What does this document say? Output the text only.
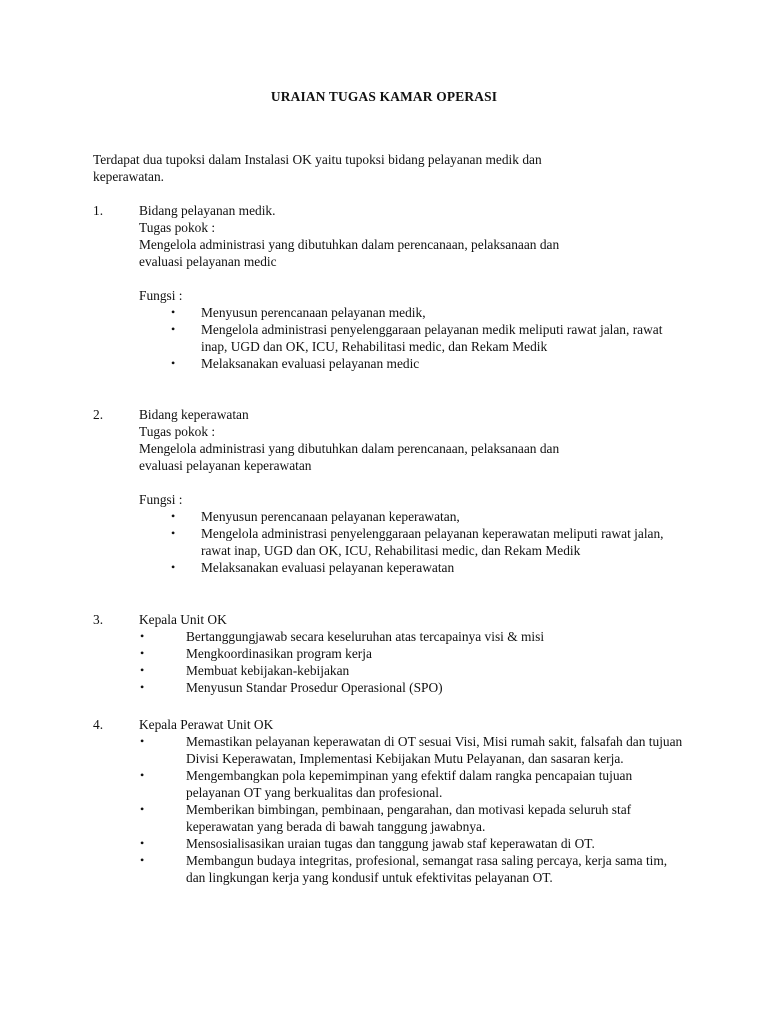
URAIAN TUGAS KAMAR OPERASI
Terdapat dua tupoksi dalam Instalasi OK yaitu tupoksi bidang pelayanan medik dan
keperawatan.
1.	Bidang pelayanan medik.
Tugas pokok :
Mengelola administrasi yang dibutuhkan dalam perencanaan, pelaksanaan dan
evaluasi pelayanan medic
Fungsi :
• Menyusun perencanaan pelayanan medik,
• Mengelola administrasi penyelenggaraan pelayanan medik meliputi rawat jalan, rawat inap, UGD dan OK, ICU, Rehabilitasi medic, dan Rekam Medik
• Melaksanakan evaluasi pelayanan medic
2.	Bidang keperawatan
Tugas pokok :
Mengelola administrasi yang dibutuhkan dalam perencanaan, pelaksanaan dan
evaluasi pelayanan keperawatan
Fungsi :
• Menyusun perencanaan pelayanan keperawatan,
• Mengelola administrasi penyelenggaraan pelayanan keperawatan meliputi rawat jalan, rawat inap, UGD dan OK, ICU, Rehabilitasi medic, dan Rekam Medik
• Melaksanakan evaluasi pelayanan keperawatan
3.	Kepala Unit OK
•	Bertanggungjawab secara keseluruhan atas tercapainya visi & misi
•	Mengkoordinasikan program kerja
•	Membuat kebijakan-kebijakan
•	Menyusun Standar Prosedur Operasional (SPO)
4.	Kepala Perawat Unit OK
•	Memastikan pelayanan keperawatan di OT sesuai Visi, Misi rumah sakit, falsafah dan tujuan Divisi Keperawatan, Implementasi Kebijakan Mutu Pelayanan, dan sasaran kerja.
•	Mengembangkan pola kepemimpinan yang efektif dalam rangka pencapaian tujuan pelayanan OT yang berkualitas dan profesional.
•	Memberikan bimbingan, pembinaan, pengarahan, dan motivasi kepada seluruh staf keperawatan yang berada di bawah tanggung jawabnya.
•	Mensosialisasikan uraian tugas dan tanggung jawab staf keperawatan di OT.
•	Membangun budaya integritas, profesional, semangat rasa saling percaya, kerja sama tim, dan lingkungan kerja yang kondusif untuk efektivitas pelayanan OT.
